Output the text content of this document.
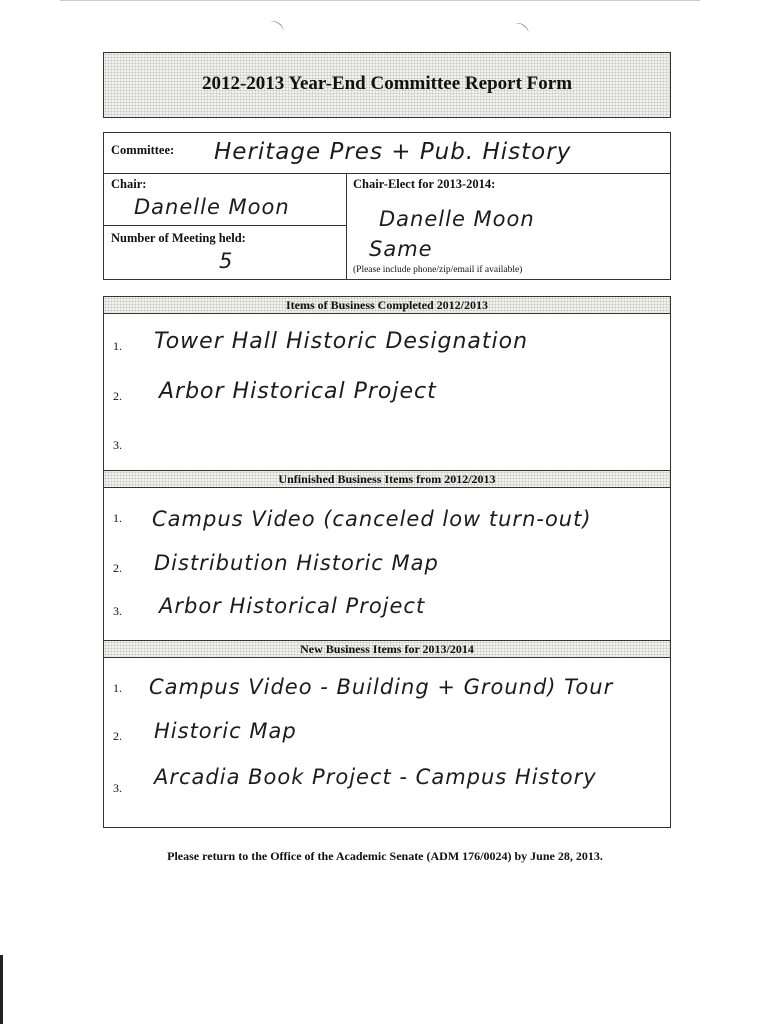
2012-2013 Year-End Committee Report Form
Committee: Heritage Pres + Pub. History
Chair:
Danelle Moon
Chair-Elect for 2013-2014:
Danelle Moon
Same
(Please include phone/zip/email if available)
Number of Meeting held:
5
Items of Business Completed 2012/2013
1. Tower Hall Historic Designation
2. Arbor Historical Project
3.
Unfinished Business Items from 2012/2013
1. Campus Video (canceled low turn-out)
2. Distribution Historic Map
3. Arbor Historical Project
New Business Items for 2013/2014
1. Campus Video - Building + Ground) Tour
2. Historic Map
3. Arcadia Book Project - Campus History
Please return to the Office of the Academic Senate (ADM 176/0024) by June 28, 2013.
